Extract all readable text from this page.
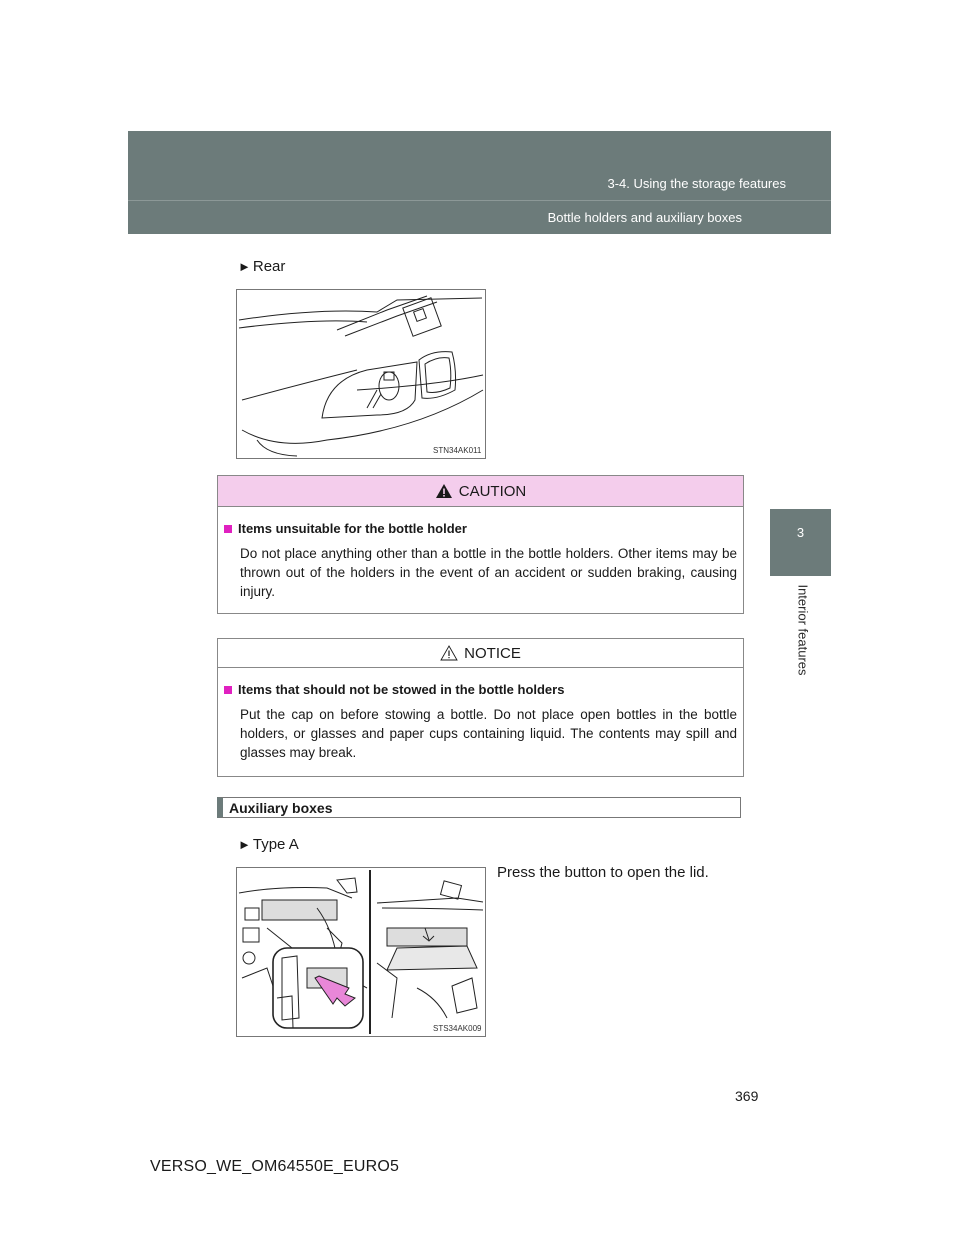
3-4. Using the storage features
Bottle holders and auxiliary boxes
3
Interior features
► Rear
STN34AK011
CAUTION
Items unsuitable for the bottle holder
Do not place anything other than a bottle in the bottle holders. Other items may be thrown out of the holders in the event of an accident or sudden braking, causing injury.
NOTICE
Items that should not be stowed in the bottle holders
Put the cap on before stowing a bottle. Do not place open bottles in the bottle holders, or glasses and paper cups containing liquid. The contents may spill and glasses may break.
Auxiliary boxes
► Type A
Press the button to open the lid.
STS34AK009
369
VERSO_WE_OM64550E_EURO5
